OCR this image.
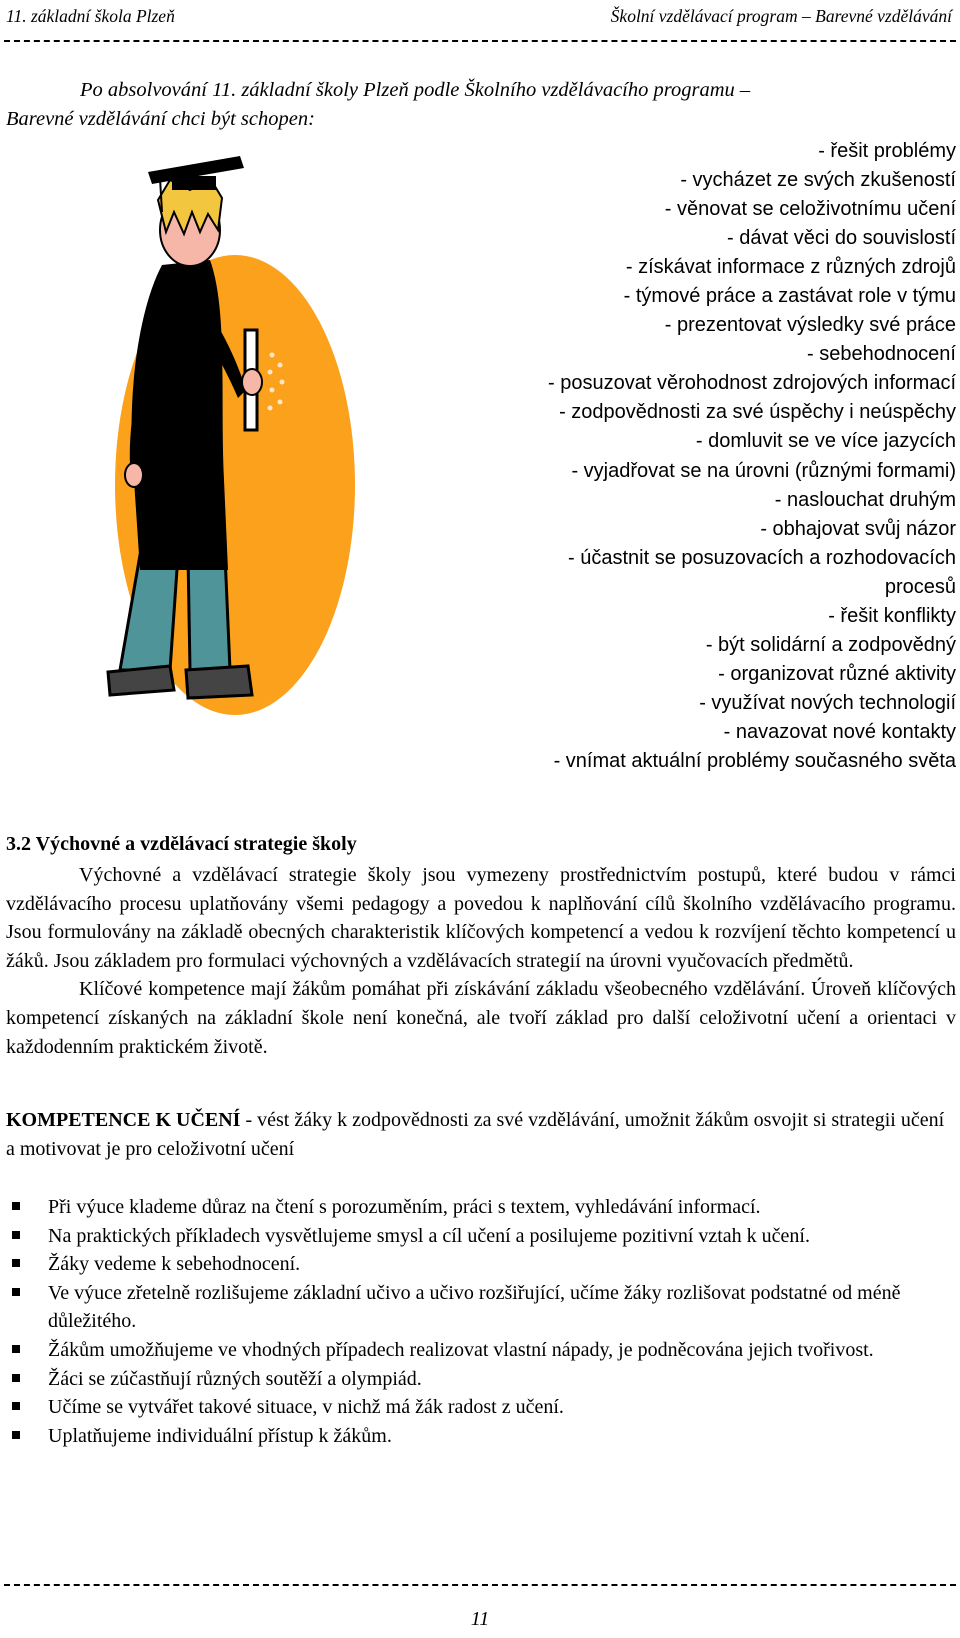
11. základní škola Plzeň	Školní vzdělávací program – Barevné vzdělávání
Po absolvování 11. základní školy Plzeň podle Školního vzdělávacího programu –
Barevné vzdělávání chci být schopen:
- řešit problémy
- vycházet ze svých zkušeností
- věnovat se celoživotnímu učení
- dávat věci do souvislostí
- získávat informace z různých zdrojů
- týmové práce a zastávat role v týmu
- prezentovat výsledky své práce
- sebehodnocení
- posuzovat věrohodnost zdrojových informací
- zodpovědnosti za své úspěchy i neúspěchy
- domluvit se ve více jazycích
- vyjadřovat se na úrovni (různými formami)
- naslouchat druhým
- obhajovat svůj názor
- účastnit se posuzovacích a rozhodovacích
procesů
- řešit konflikty
- být solidární a zodpovědný
- organizovat různé aktivity
- využívat nových technologií
- navazovat nové kontakty
- vnímat aktuální problémy současného světa
3.2 Výchovné a vzdělávací strategie školy

Výchovné a vzdělávací strategie školy jsou vymezeny prostřednictvím postupů, které budou v rámci vzdělávacího procesu uplatňovány všemi pedagogy a povedou k naplňování cílů školního vzdělávacího programu. Jsou formulovány na základě obecných charakteristik klíčových kompetencí a vedou k rozvíjení těchto kompetencí u žáků. Jsou základem pro formulaci výchovných a vzdělávacích strategií na úrovni vyučovacích předmětů.

Klíčové kompetence mají žákům pomáhat při získávání základu všeobecného vzdělávání. Úroveň klíčových kompetencí získaných na základní škole není konečná, ale tvoří základ pro další celoživotní učení a orientaci v každodenním praktickém životě.

KOMPETENCE K UČENÍ - vést žáky k zodpovědnosti za své vzdělávání, umožnit žákům osvojit si strategii učení a motivovat je pro celoživotní učení
Při výuce klademe důraz na čtení s porozuměním, práci s textem, vyhledávání informací.
Na praktických příkladech vysvětlujeme smysl a cíl učení a posilujeme pozitivní vztah k učení.
Žáky vedeme k sebehodnocení.
Ve výuce zřetelně rozlišujeme základní učivo a učivo rozšiřující, učíme žáky rozlišovat podstatné od méně důležitého.
Žákům umožňujeme ve vhodných případech realizovat vlastní nápady, je podněcována jejich tvořivost.
Žáci se zúčastňují různých soutěží a olympiád.
Učíme se vytvářet takové situace, v nichž má žák radost z učení.
Uplatňujeme individuální přístup k žákům.
11
